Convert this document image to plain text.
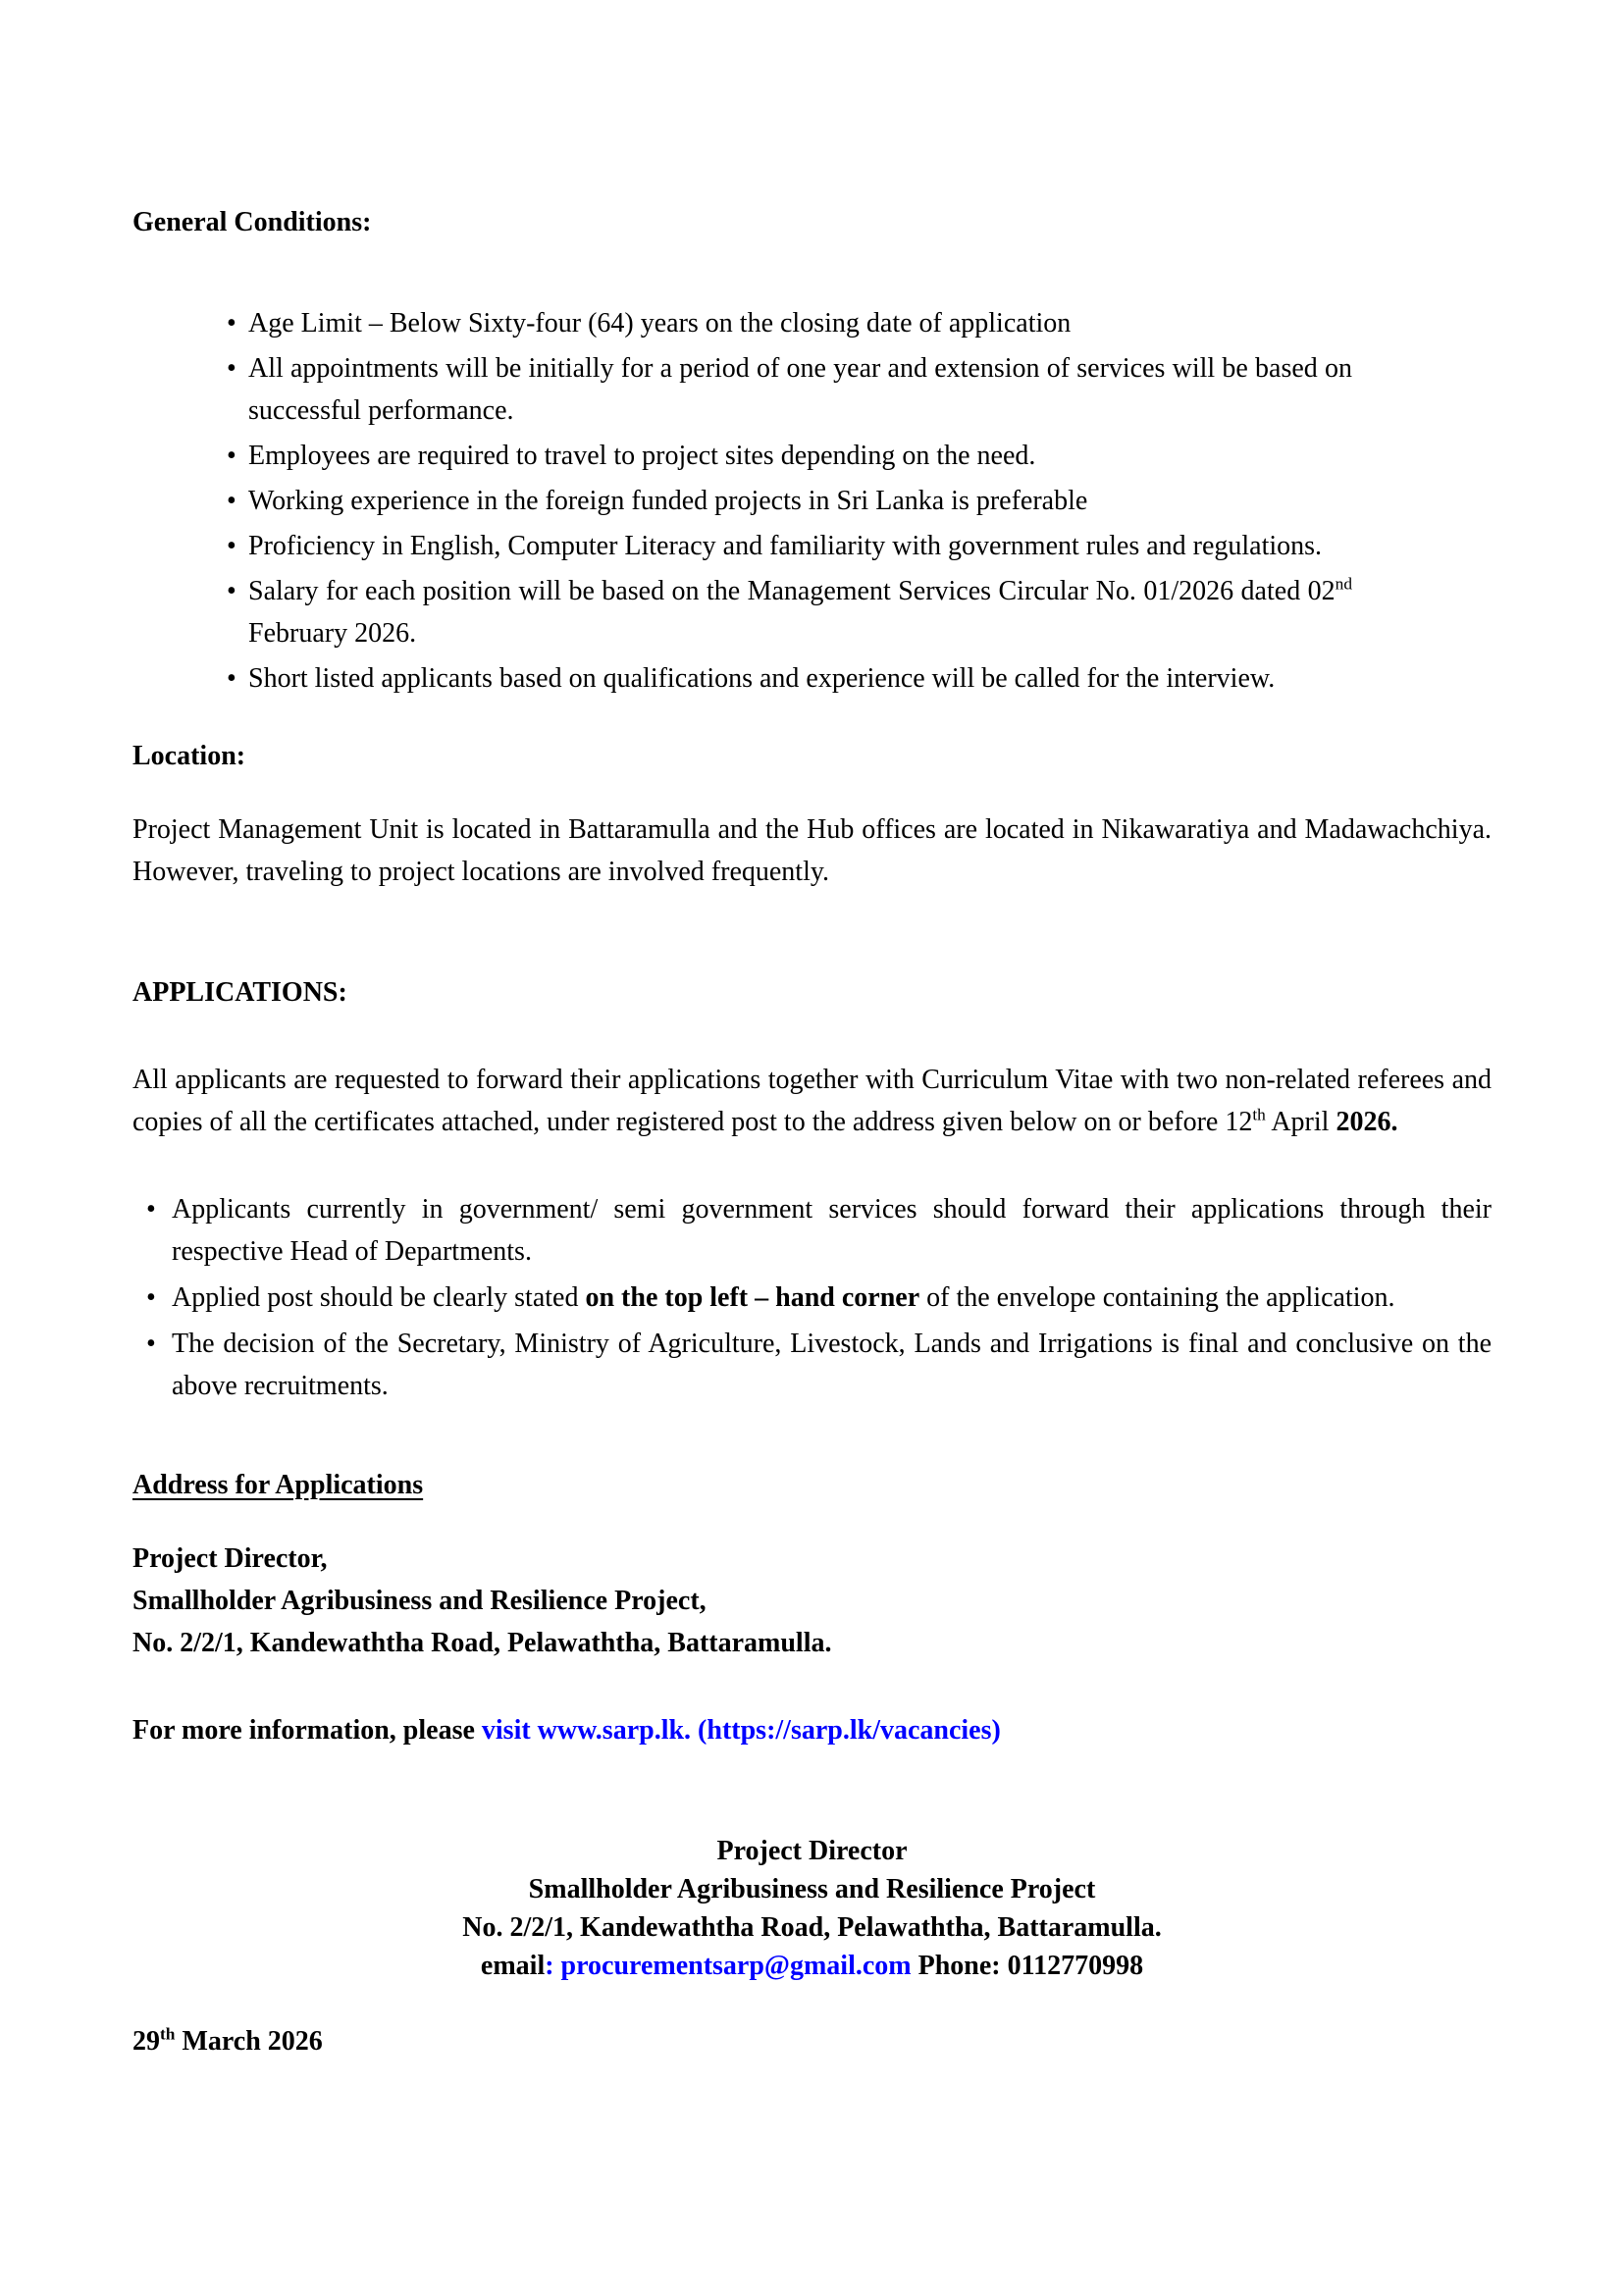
General Conditions:

• Age Limit – Below Sixty-four (64) years on the closing date of application
• All appointments will be initially for a period of one year and extension of services will be based on successful performance.
• Employees are required to travel to project sites depending on the need.
• Working experience in the foreign funded projects in Sri Lanka is preferable
• Proficiency in English, Computer Literacy and familiarity with government rules and regulations.
• Salary for each position will be based on the Management Services Circular No. 01/2026 dated 02nd February 2026.
• Short listed applicants based on qualifications and experience will be called for the interview.

Location:

Project Management Unit is located in Battaramulla and the Hub offices are located in Nikawaratiya and Madawachchiya. However, traveling to project locations are involved frequently.

APPLICATIONS:

All applicants are requested to forward their applications together with Curriculum Vitae with two non-related referees and copies of all the certificates attached, under registered post to the address given below on or before 12th April 2026.

• Applicants currently in government/ semi government services should forward their applications through their respective Head of Departments.
• Applied post should be clearly stated on the top left – hand corner of the envelope containing the application.
• The decision of the Secretary, Ministry of Agriculture, Livestock, Lands and Irrigations is final and conclusive on the above recruitments.

Address for Applications

Project Director,

Smallholder Agribusiness and Resilience Project,

No. 2/2/1, Kandewaththa Road, Pelawaththa, Battaramulla.

For more information, please visit www.sarp.lk. (https://sarp.lk/vacancies)

Project Director

Smallholder Agribusiness and Resilience Project

No. 2/2/1, Kandewaththa Road, Pelawaththa, Battaramulla.

email: procurementsarp@gmail.com Phone: 0112770998

29th March 2026
